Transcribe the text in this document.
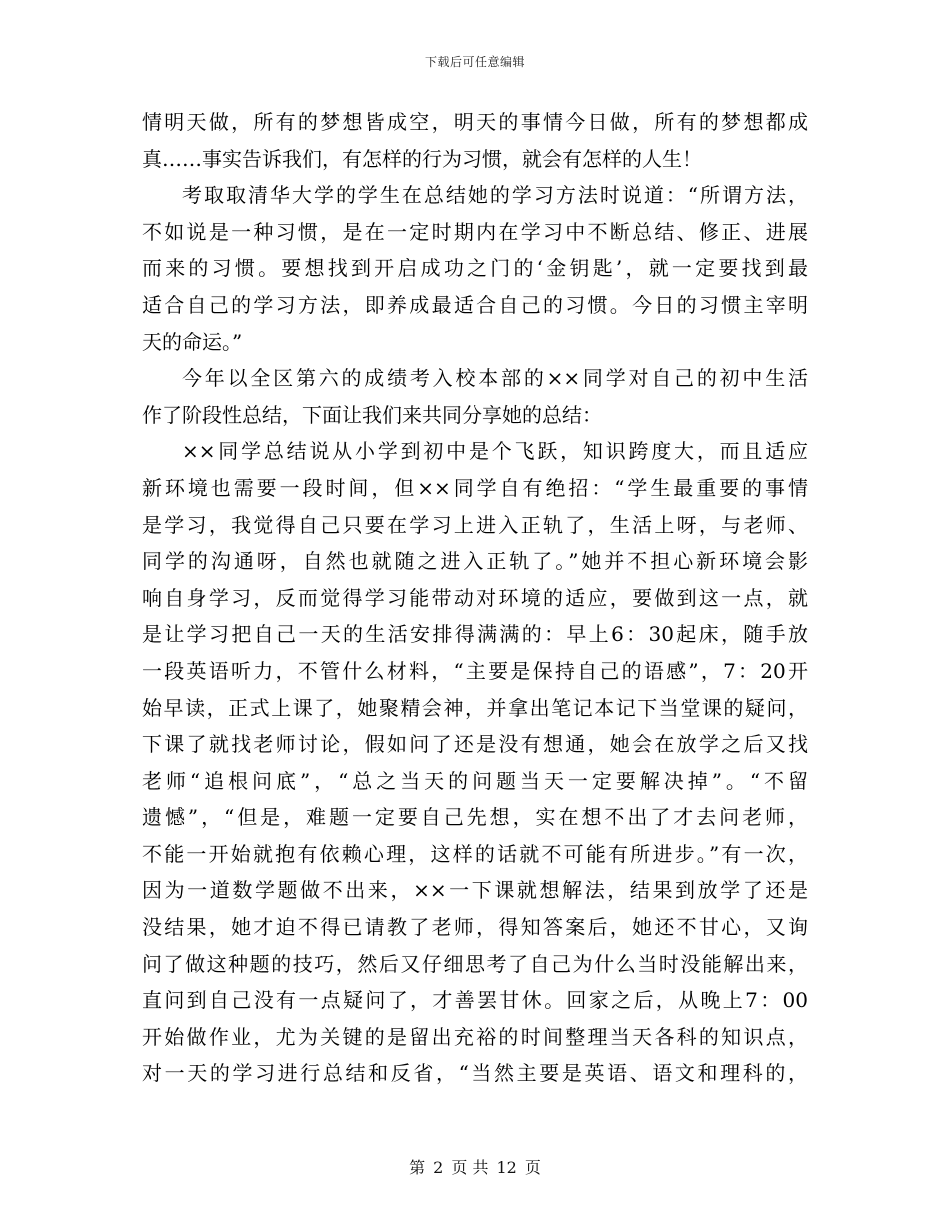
下载后可任意编辑
情明天做，所有的梦想皆成空，明天的事情今日做，所有的梦想都成
真……事实告诉我们，有怎样的行为习惯，就会有怎样的人生！
考取取清华大学的学生在总结她的学习方法时说道：“所谓方法，
不如说是一种习惯，是在一定时期内在学习中不断总结、修正、进展
而来的习惯。要想找到开启成功之门的‘金钥匙’，就一定要找到最
适合自己的学习方法，即养成最适合自己的习惯。今日的习惯主宰明
天的命运。”
今年以全区第六的成绩考入校本部的××同学对自己的初中生活
作了阶段性总结，下面让我们来共同分享她的总结：
××同学总结说从小学到初中是个飞跃，知识跨度大，而且适应
新环境也需要一段时间，但××同学自有绝招：“学生最重要的事情
是学习，我觉得自己只要在学习上进入正轨了，生活上呀，与老师、
同学的沟通呀，自然也就随之进入正轨了。”她并不担心新环境会影
响自身学习，反而觉得学习能带动对环境的适应，要做到这一点，就
是让学习把自己一天的生活安排得满满的：早上6：30起床，随手放
一段英语听力，不管什么材料，“主要是保持自己的语感”，7：20开
始早读，正式上课了，她聚精会神，并拿出笔记本记下当堂课的疑问，
下课了就找老师讨论，假如问了还是没有想通，她会在放学之后又找
老师“追根问底”，“总之当天的问题当天一定要解决掉”。“不留
遗憾”，“但是，难题一定要自己先想，实在想不出了才去问老师，
不能一开始就抱有依赖心理，这样的话就不可能有所进步。”有一次，
因为一道数学题做不出来，××一下课就想解法，结果到放学了还是
没结果，她才迫不得已请教了老师，得知答案后，她还不甘心，又询
问了做这种题的技巧，然后又仔细思考了自己为什么当时没能解出来，
直问到自己没有一点疑问了，才善罢甘休。回家之后，从晚上7：00
开始做作业，尤为关键的是留出充裕的时间整理当天各科的知识点，
对一天的学习进行总结和反省，“当然主要是英语、语文和理科的，
第 2 页 共 12 页
